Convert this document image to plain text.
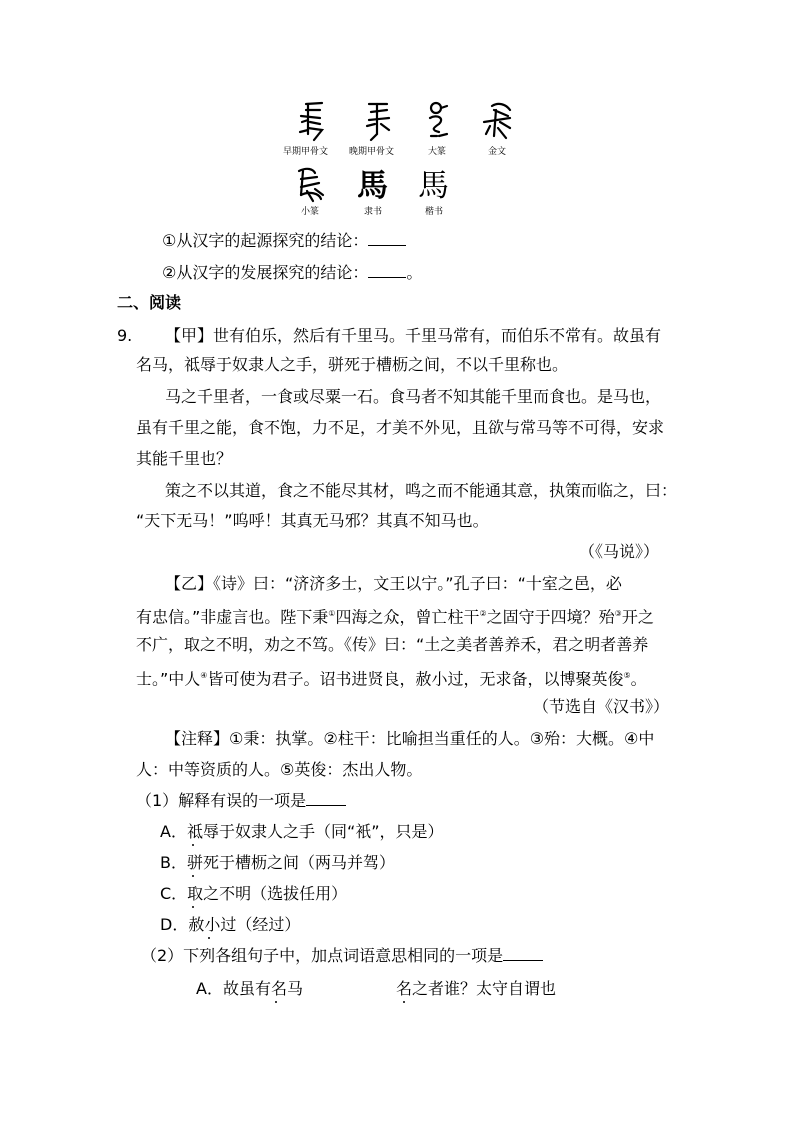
早期甲骨文 晚期甲骨文	大篆	金文
馬 馬
小篆	隶书	楷书
①从汉字的起源探究的结论：
②从汉字的发展探究的结论： 。
二、阅读
9. 【甲】世有伯乐，然后有千里马。千里马常有，而伯乐不常有。故虽有
名马，祗辱于奴隶人之手，骈死于槽枥之间，不以千里称也。
马之千里者，一食或尽粟一石。食马者不知其能千里而食也。是马也，
虽有千里之能，食不饱，力不足，才美不外见，且欲与常马等不可得，安求
其能千里也？
策之不以其道，食之不能尽其材，鸣之而不能通其意，执策而临之，曰：
“天下无马！”呜呼！其真无马邪？其真不知马也。
（《马说》）
【乙】《诗》曰：“济济多士，文王以宁。”孔子曰：“十室之邑，必
有忠信。”非虚言也。陛下秉①四海之众，曾亡柱干②之固守于四境？殆③开之
不广，取之不明，劝之不笃。《传》曰：“土之美者善养禾，君之明者善养
士。”中人④皆可使为君子。诏书进贤良，赦小过，无求备，以博聚英俊⑤。
（节选自《汉书》）
【注释】①秉：执掌。②柱干：比喻担当重任的人。③殆：大概。④中
人：中等资质的人。⑤英俊：杰出人物。
（1）解释有误的一项是
A．祗辱于奴隶人之手（同“衹”，只是）
B．骈死于槽枥之间（两马并驾）
C．取之不明（选拔任用）
D．赦小过（经过）
（2）下列各组句子中，加点词语意思相同的一项是
A．故虽有名马	名之者谁？太守自谓也
